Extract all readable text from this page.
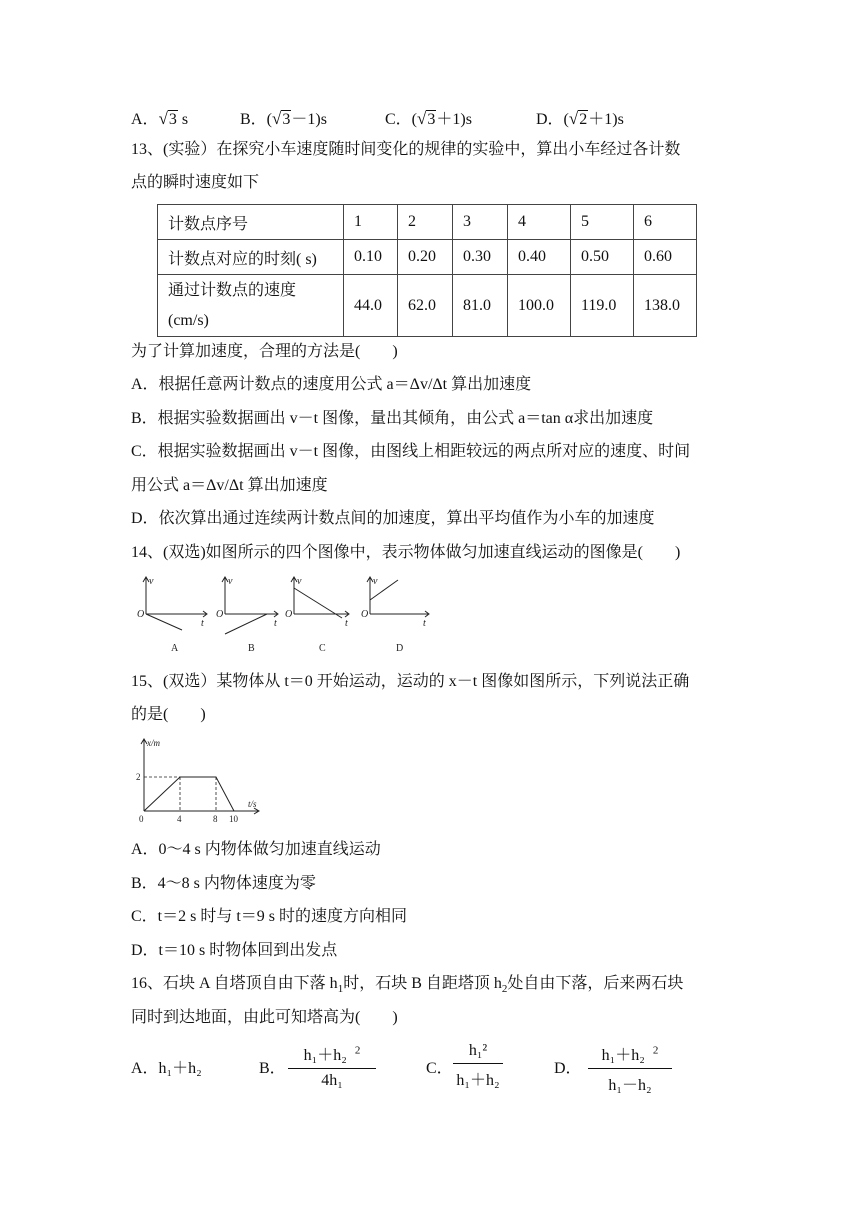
A．√3 s	B．(√3－1)s	C．(√3＋1)s	D．(√2＋1)s
13、(实验）在探究小车速度随时间变化的规律的实验中，算出小车经过各计数
点的瞬时速度如下
计数点序号	1	2	3	4	5	6
计数点对应的时刻( s)	0.10	0.20	0.30	0.40	0.50	0.60

通过计数点的速度
(cm/s)	44.0	62.0	81.0	100.0	119.0	138.0
为了计算加速度，合理的方法是(　　)
A．根据任意两计数点的速度用公式 a＝Δv/Δt 算出加速度
B．根据实验数据画出 v－t 图像，量出其倾角，由公式 a＝tan α求出加速度
C．根据实验数据画出 v－t 图像，由图线上相距较远的两点所对应的速度、时间
用公式 a＝Δv/Δt 算出加速度
D．依次算出通过连续两计数点间的加速度，算出平均值作为小车的加速度
14、(双选)如图所示的四个图像中，表示物体做匀加速直线运动的图像是(　　)
v
t
O
v
t
O
v
t
O
v
t
O
A	B	C	D
15、(双选）某物体从 t＝0 开始运动，运动的 x－t 图像如图所示，下列说法正确
的是(　　)
x/m
t/s
0
2
4	8 10
A．0～4 s 内物体做匀加速直线运动
B．4～8 s 内物体速度为零
C．t＝2 s 时与 t＝9 s 时的速度方向相同
D．t＝10 s 时物体回到出发点
16、石块 A 自塔顶自由下落 $h_1$时，石块 B 自距塔顶 $h_2$处自由下落，后来两石块
同时到达地面，由此可知塔高为(　　)
A．h₁＋h₂	B．
h₁＋h₂ $^2$
4h₁
C．
h₁²
h₁＋h₂
D．
h₁＋h₂ $^2$
h₁－h₂
